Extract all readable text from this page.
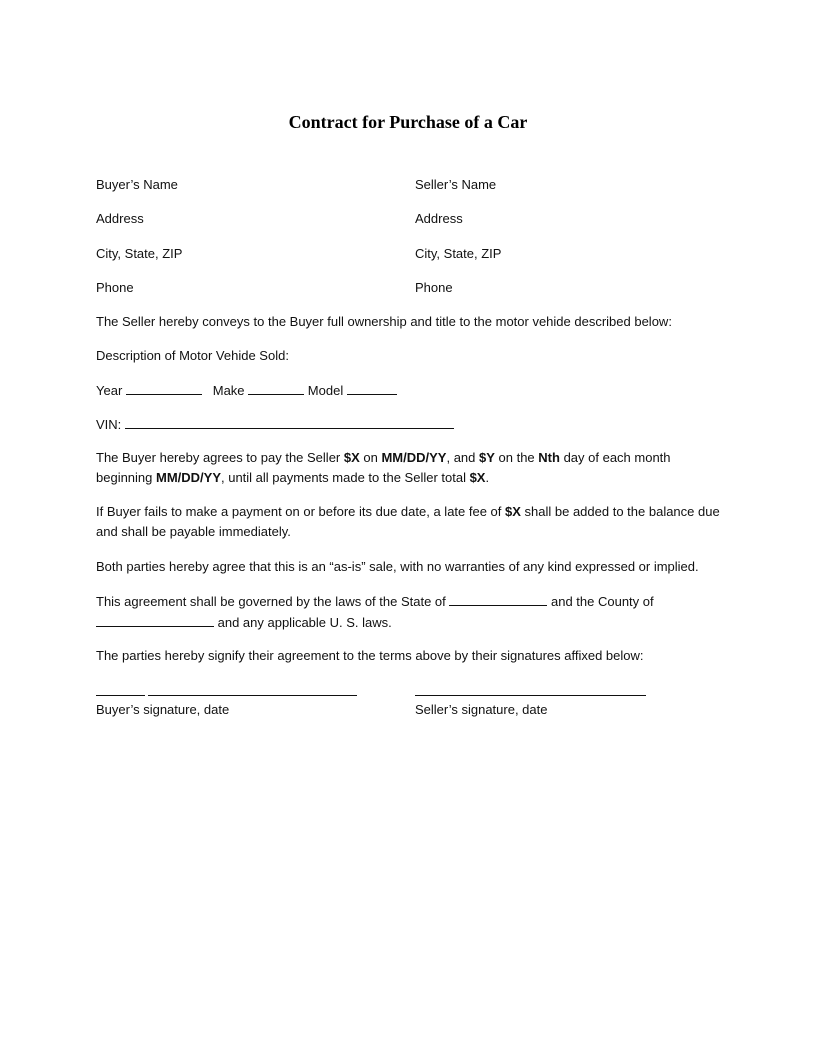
Contract for Purchase of a Car
Buyer’s Name	Seller’s Name
Address	Address
City, State, ZIP	City, State, ZIP
Phone	Phone
The Seller hereby conveys to the Buyer full ownership and title to the motor vehide described below:
Description of Motor Vehide Sold:
Year	Make	Model
VIN:
The Buyer hereby agrees to pay the Seller $X on MM/DD/YY, and $Y on the Nth day of each month beginning MM/DD/YY, until all payments made to the Seller total $X.
If Buyer fails to make a payment on or before its due date, a late fee of $X shall be added to the balance due and shall be payable immediately.
Both parties hereby agree that this is an “as-is” sale, with no warranties of any kind expressed or implied.
This agreement shall be governed by the laws of the State of	and the County of
and any applicable U. S. laws.
The parties hereby signify their agreement to the terms above by their signatures affixed below:
Buyer’s signature, date	Seller’s signature, date
